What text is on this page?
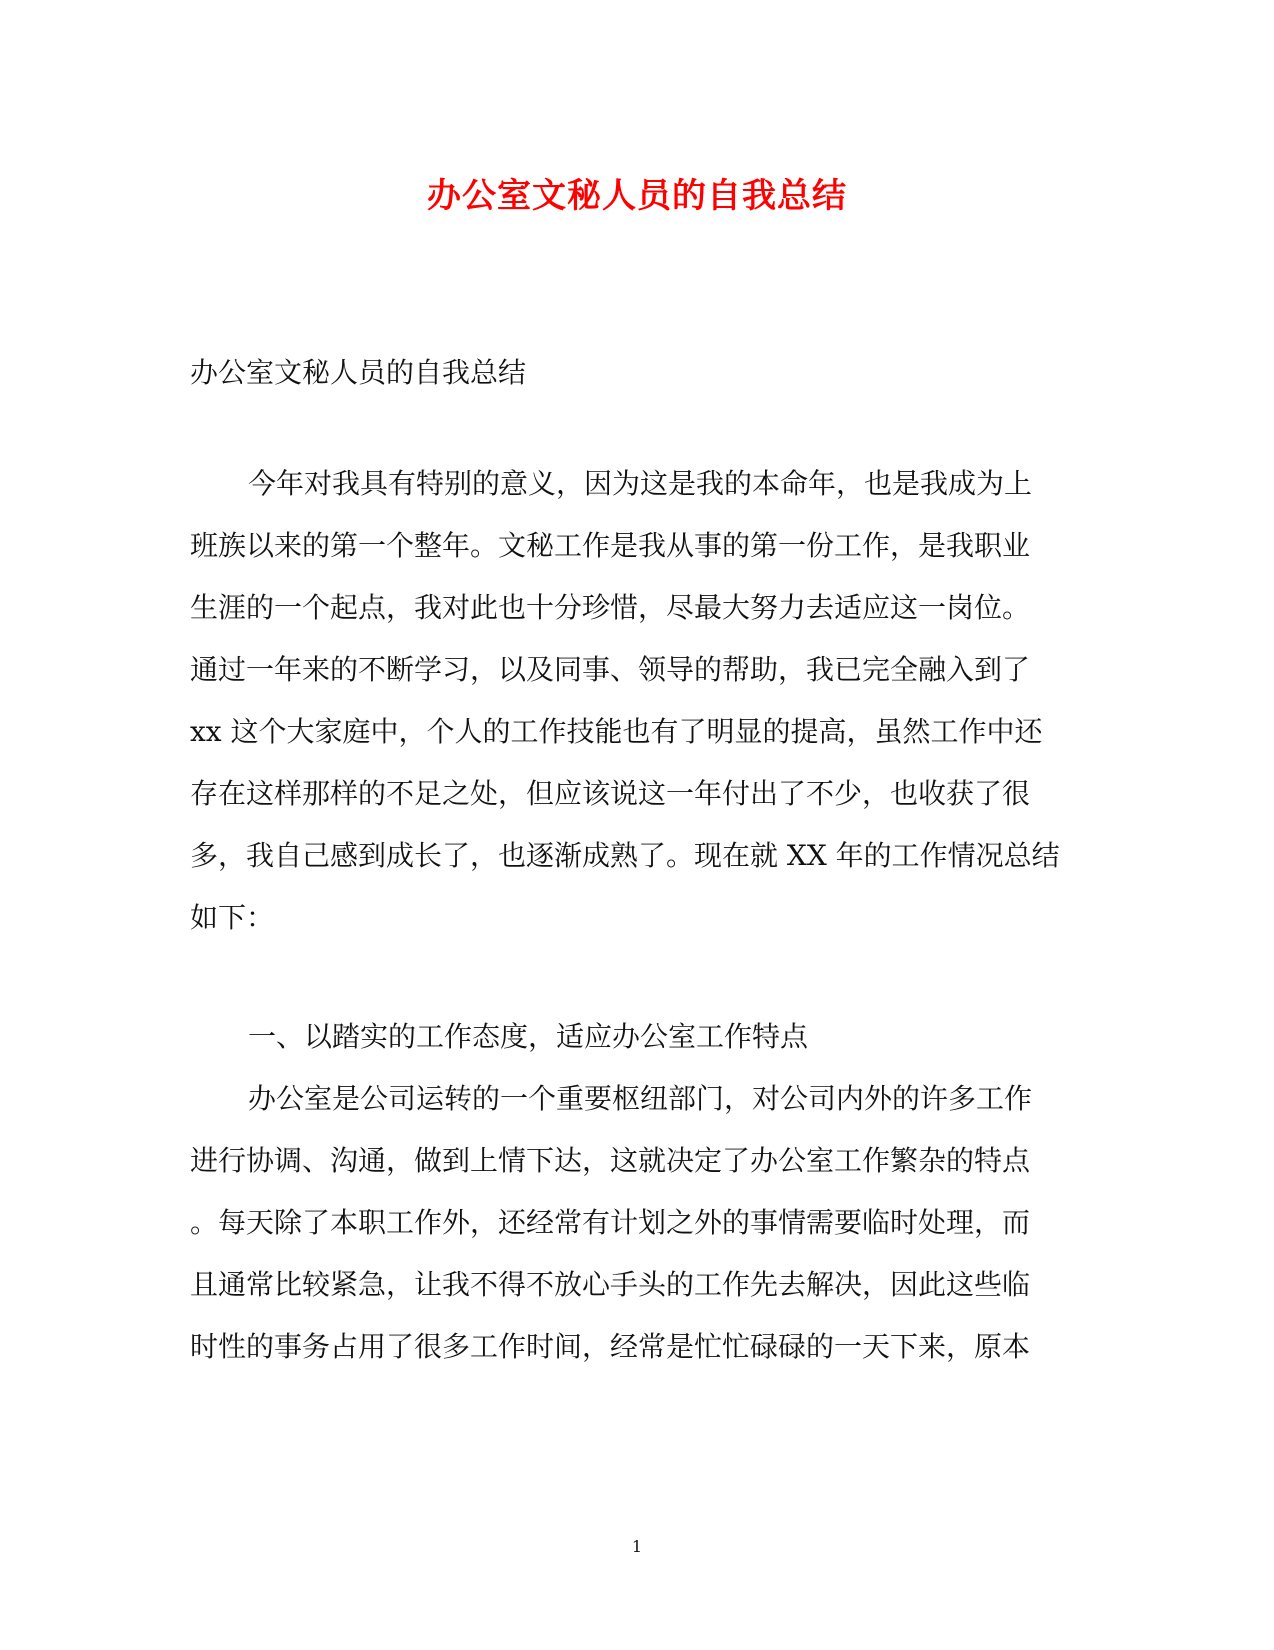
办公室文秘人员的自我总结
办公室文秘人员的自我总结
今年对我具有特别的意义，因为这是我的本命年，也是我成为上
班族以来的第一个整年。文秘工作是我从事的第一份工作，是我职业
生涯的一个起点，我对此也十分珍惜，尽最大努力去适应这一岗位。
通过一年来的不断学习，以及同事、领导的帮助，我已完全融入到了
xx 这个大家庭中，个人的工作技能也有了明显的提高，虽然工作中还
存在这样那样的不足之处，但应该说这一年付出了不少，也收获了很
多，我自己感到成长了，也逐渐成熟了。现在就 XX 年的工作情况总结
如下：
一、以踏实的工作态度，适应办公室工作特点
办公室是公司运转的一个重要枢纽部门，对公司内外的许多工作
进行协调、沟通，做到上情下达，这就决定了办公室工作繁杂的特点
。每天除了本职工作外，还经常有计划之外的事情需要临时处理，而
且通常比较紧急，让我不得不放心手头的工作先去解决，因此这些临
时性的事务占用了很多工作时间，经常是忙忙碌碌的一天下来，原本
1
